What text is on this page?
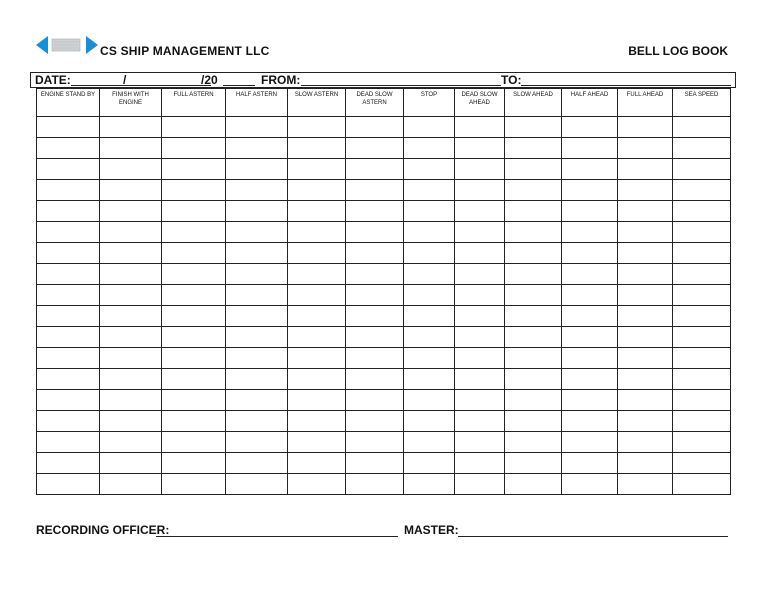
CS SHIP MANAGEMENT LLC	BELL LOG BOOK
DATE:	/	/20	FROM:	TO:
ENGINE STAND BY	FINISH WITH ENGINE	FULL ASTERN	HALF ASTERN	SLOW ASTERN	DEAD SLOW ASTERN	STOP	DEAD SLOW AHEAD	SLOW AHEAD	HALF AHEAD	FULL AHEAD	SEA SPEED

RECORDING OFFICER:	MASTER:
